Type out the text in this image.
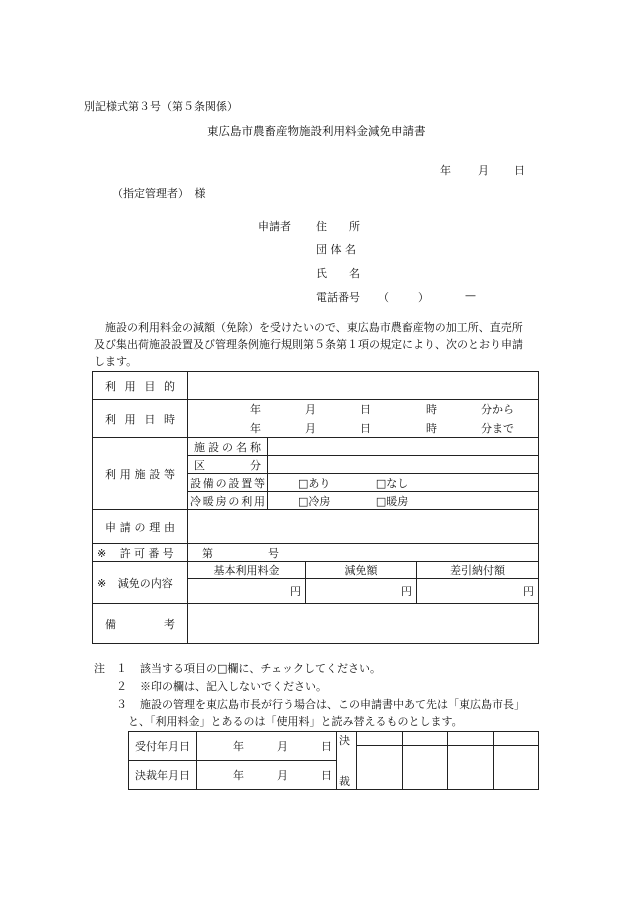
別記様式第３号（第５条関係）
東広島市農畜産物施設利用料金減免申請書
年 月 日
（指定管理者）　様
申請者 住　　所
団 体 名
氏　　名
電話番号 （	）	—
　施設の利用料金の減額（免除）を受けたいので、東広島市農畜産物の加工所、直売所
及び集出荷施設設置及び管理条例施行規則第５条第１項の規定により、次のとおり申請
します。
利用目的				
利用日時	年　　　　月　　　　日　　　　　時　　　　分から			
	年　　　　月　　　　日　　　　　時　　　　分まで			
利用施設等	施設の名称			
	区　　　分			
	設備の設置等	□あり □なし		
	冷暖房の利用	□冷房 □暖房		
申請の理由				
※ 許可番号	第　　　　　号			
※ 減免の内容	基本利用料金		減免額	差引納付額
	円		円	円
備考				
注 １ 該当する項目の□欄に、チェックしてください。
２ ※印の欄は、記入しないでください。
３ 施設の管理を東広島市長が行う場合は、この申請書中あて先は「東広島市長」
と、「利用料金」とあるのは「使用料」と読み替えるものとします。
受付年月日	年　　　月　　　日	決				

決裁年月日	年　　　月　　　日	裁				
